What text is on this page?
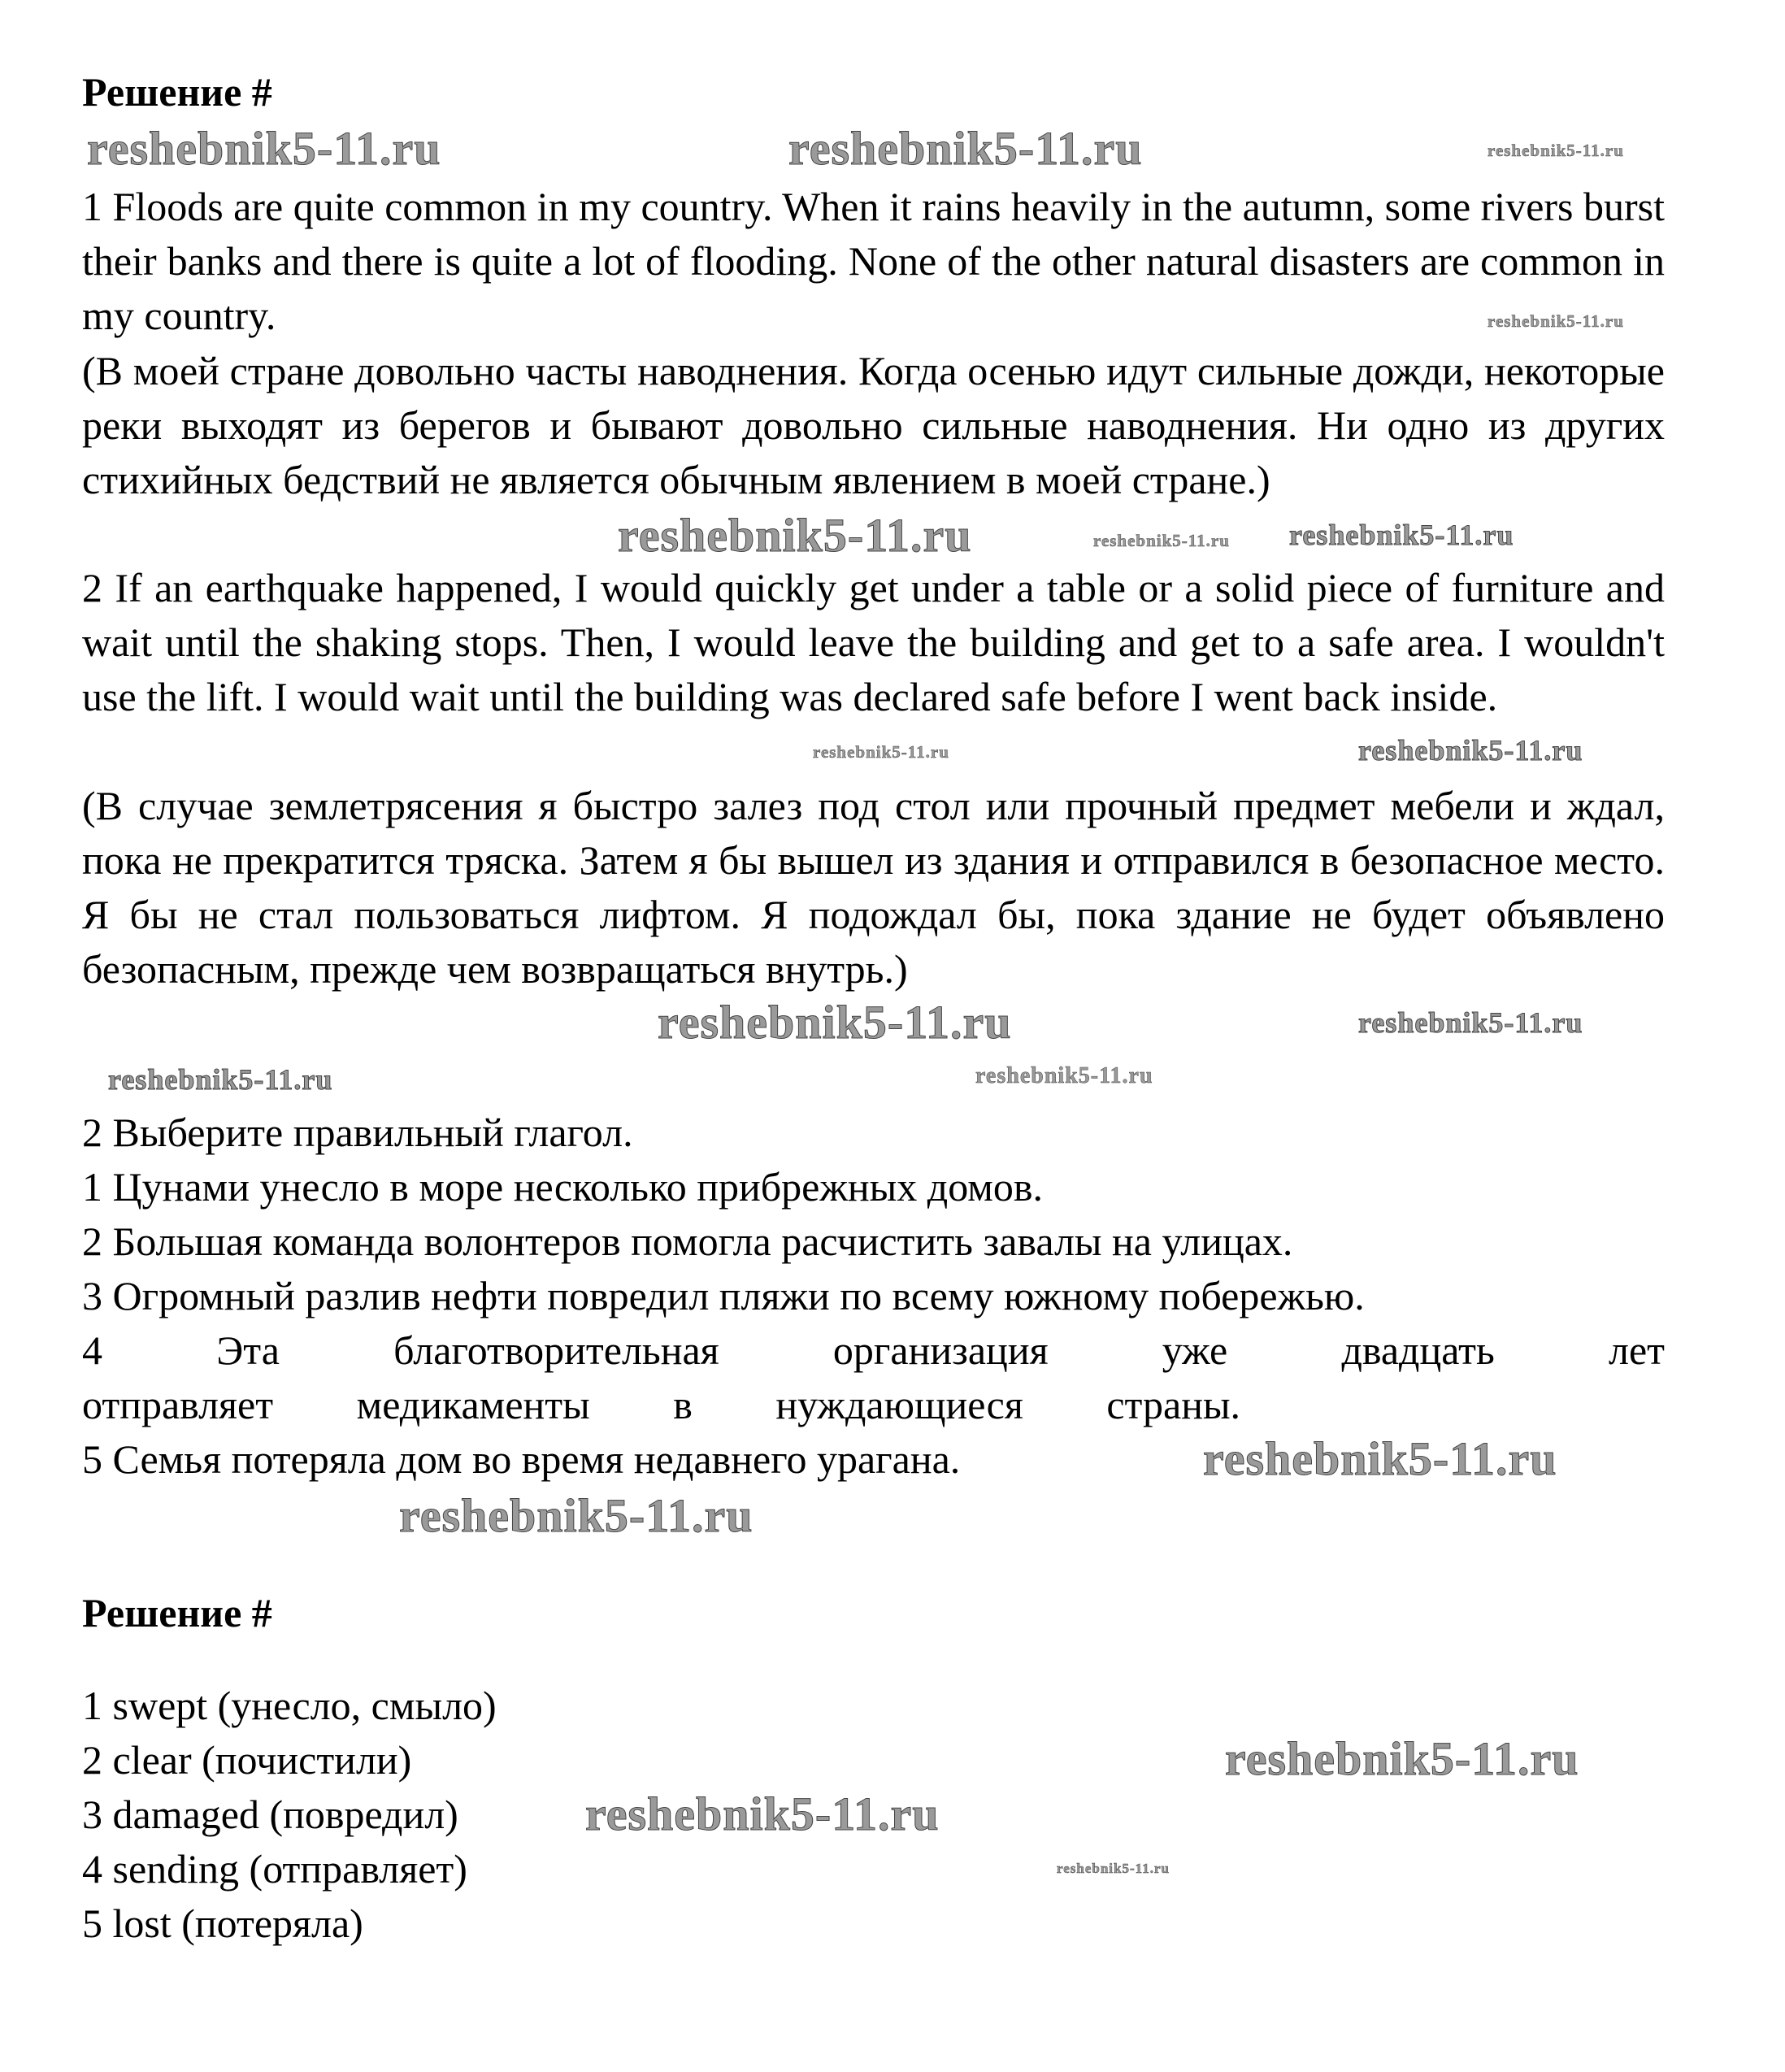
Решение #

1 Floods are quite common in my country. When it rains heavily in the autumn, some rivers burst their banks and there is quite a lot of flooding. None of the other natural disasters are common in my country.

(В моей стране довольно часты наводнения. Когда осенью идут сильные дожди, некоторые реки выходят из берегов и бывают довольно сильные наводнения. Ни одно из других стихийных бедствий не является обычным явлением в моей стране.)

2 If an earthquake happened, I would quickly get under a table or a solid piece of furniture and wait until the shaking stops. Then, I would leave the building and get to a safe area. I wouldn't use the lift. I would wait until the building was declared safe before I went back inside.

(В случае землетрясения я быстро залез под стол или прочный предмет мебели и ждал, пока не прекратится тряска. Затем я бы вышел из здания и отправился в безопасное место. Я бы не стал пользоваться лифтом. Я подождал бы, пока здание не будет объявлено безопасным, прежде чем возвращаться внутрь.)

2 Выберите правильный глагол.
1 Цунами унесло в море несколько прибрежных домов.
2 Большая команда волонтеров помогла расчистить завалы на улицах.
3 Огромный разлив нефти повредил пляжи по всему южному побережью.

4 Эта благотворительная организация уже двадцать лет отправляет медикаменты в нуждающиеся страны.

5 Семья потеряла дом во время недавнего урагана.
Решение #
1 swept (унесло, смыло)
2 clear (почистили)
3 damaged (повредил)
4 sending (отправляет)
5 lost (потеряла)
reshebnik5-11.ru	reshebnik5-11.ru
reshebnik5-11.ru
reshebnik5-11.ru
reshebnik5-11.ru
reshebnik5-11.ru
reshebnik5-11.ru
reshebnik5-11.ru
reshebnik5-11.ru
reshebnik5-11.ru
reshebnik5-11.ru
reshebnik5-11.ru
reshebnik5-11.ru
reshebnik5-11.ru
reshebnik5-11.ru
reshebnik5-11.ru
reshebnik5-11.ru
reshebnik5-11.ru
